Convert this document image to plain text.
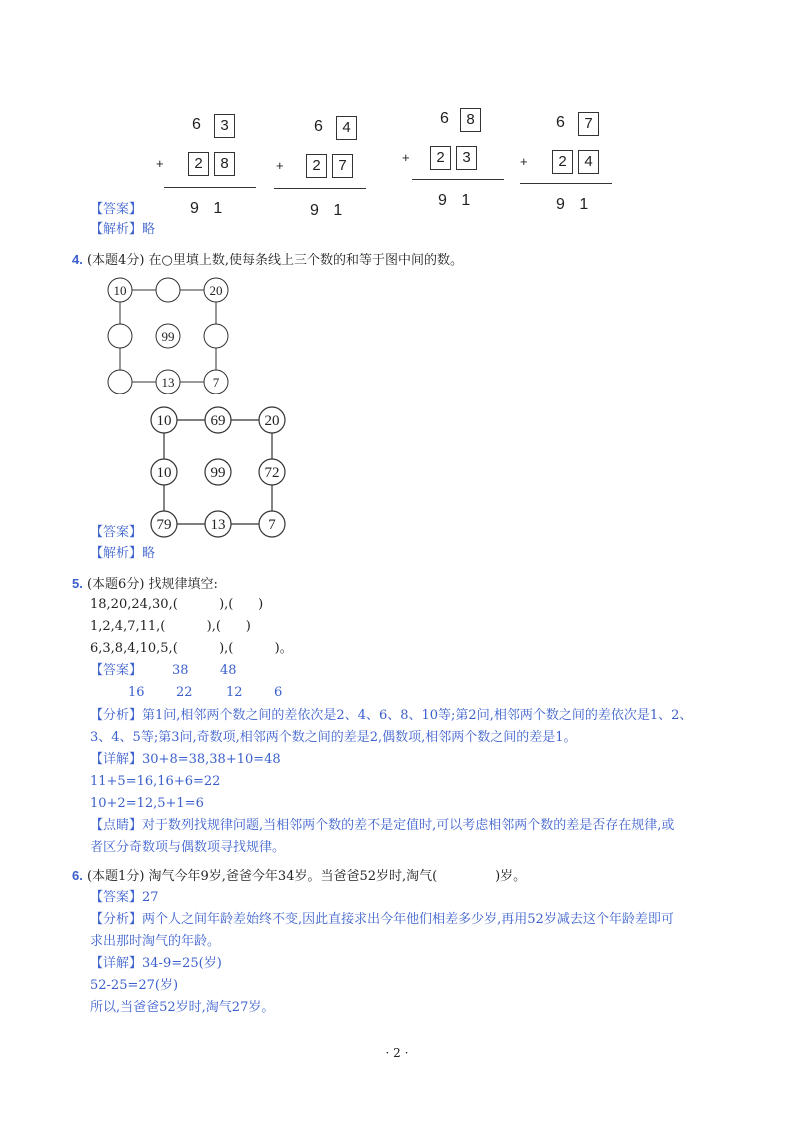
6	3
+	2	8
9 1
6	4
+	2	7
9 1
6	8
+	2	3
9 1
6	7
+	2	4
9 1
【答案】
【解析】略
4. (本题4分) 在○里填上数,使每条线上三个数的和等于图中间的数。
10	20
99
13	7
10	69	20
10	99	72
79	13	7
【答案】
【解析】略
5. (本题6分) 找规律填空:
18,20,24,30,(          ),(      )
1,2,4,7,11,(          ),(      )
6,3,8,4,10,5,(          ),(          )。
【答案】 38 48
16 22	12 6
【分析】第1问,相邻两个数之间的差依次是2、4、6、8、10等;第2问,相邻两个数之间的差依次是1、2、
3、4、5等;第3问,奇数项,相邻两个数之间的差是2,偶数项,相邻两个数之间的差是1。
【详解】30+8=38,38+10=48
11+5=16,16+6=22
10+2=12,5+1=6
【点睛】对于数列找规律问题,当相邻两个数的差不是定值时,可以考虑相邻两个数的差是否存在规律,或
者区分奇数项与偶数项寻找规律。
6. (本题1分) 淘气今年9岁,爸爸今年34岁。当爸爸52岁时,淘气(              )岁。
【答案】27
【分析】两个人之间年龄差始终不变,因此直接求出今年他们相差多少岁,再用52岁减去这个年龄差即可
求出那时淘气的年龄。
【详解】34-9=25(岁)
52-25=27(岁)
所以,当爸爸52岁时,淘气27岁。
· 2 ·
